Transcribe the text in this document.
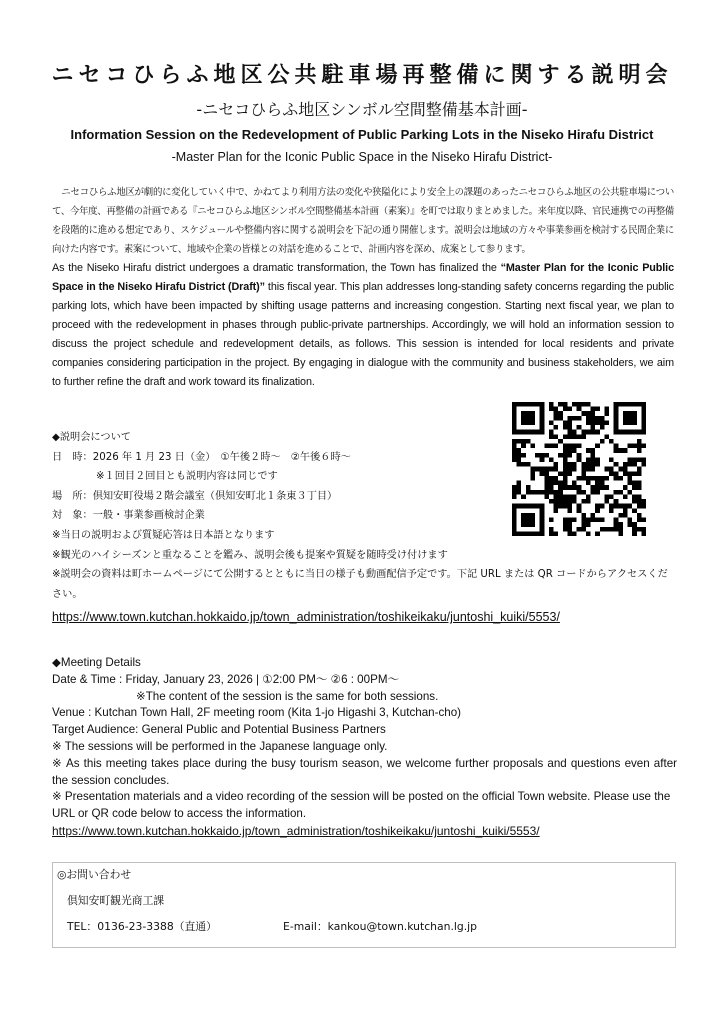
ニセコひらふ地区公共駐車場再整備に関する説明会
-ニセコひらふ地区シンボル空間整備基本計画-
Information Session on the Redevelopment of Public Parking Lots in the Niseko Hirafu District
-Master Plan for the Iconic Public Space in the Niseko Hirafu District-
ニセコひらふ地区が劇的に変化していく中で、かねてより利用方法の変化や狭隘化により安全上の課題のあったニセコひらふ地区の公共駐車場について、今年度、再整備の計画である『ニセコひらふ地区シンボル空間整備基本計画（素案）』を町では取りまとめました。来年度以降、官民連携での再整備を段階的に進める想定であり、スケジュールや整備内容に関する説明会を下記の通り開催します。説明会は地域の方々や事業参画を検討する民間企業に向けた内容です。素案について、地域や企業の皆様との対話を進めることで、計画内容を深め、成案として参ります。
As the Niseko Hirafu district undergoes a dramatic transformation, the Town has finalized the “Master Plan for the Iconic Public Space in the Niseko Hirafu District (Draft)” this fiscal year. This plan addresses long-standing safety concerns regarding the public parking lots, which have been impacted by shifting usage patterns and increasing congestion. Starting next fiscal year, we plan to proceed with the redevelopment in phases through public-private partnerships. Accordingly, we will hold an information session to discuss the project schedule and redevelopment details, as follows. This session is intended for local residents and private companies considering participation in the project. By engaging in dialogue with the community and business stakeholders, we aim to further refine the draft and work toward its finalization.
◆説明会について
日　時：2026 年 1 月 23 日（金）　①午後２時～　②午後６時～
※１回目２回目とも説明内容は同じです
場　所：倶知安町役場２階会議室（倶知安町北１条東３丁目）
対　象：一般・事業参画検討企業
※当日の説明および質疑応答は日本語となります
※観光のハイシーズンと重なることを鑑み、説明会後も提案や質疑を随時受け付けます
※説明会の資料は町ホームページにて公開するとともに当日の様子も動画配信予定です。下記 URL または QR コードからアクセスください。
https://www.town.kutchan.hokkaido.jp/town_administration/toshikeikaku/juntoshi_kuiki/5553/
◆Meeting Details
Date & Time : Friday, January 23, 2026 | ①2:00 PM～ ②6 : 00PM～
※The content of the session is the same for both sessions.
Venue : Kutchan Town Hall, 2F meeting room (Kita 1-jo Higashi 3, Kutchan-cho)
Target Audience: General Public and Potential Business Partners
※ The sessions will be performed in the Japanese language only.
※ As this meeting takes place during the busy tourism season, we welcome further proposals and questions even after the session concludes.
※ Presentation materials and a video recording of the session will be posted on the official Town website. Please use the URL or QR code below to access the information.
https://www.town.kutchan.hokkaido.jp/town_administration/toshikeikaku/juntoshi_kuiki/5553/
◎お問い合わせ
倶知安町観光商工課
TEL：0136-23-3388（直通）	E-mail：kankou@town.kutchan.lg.jp
